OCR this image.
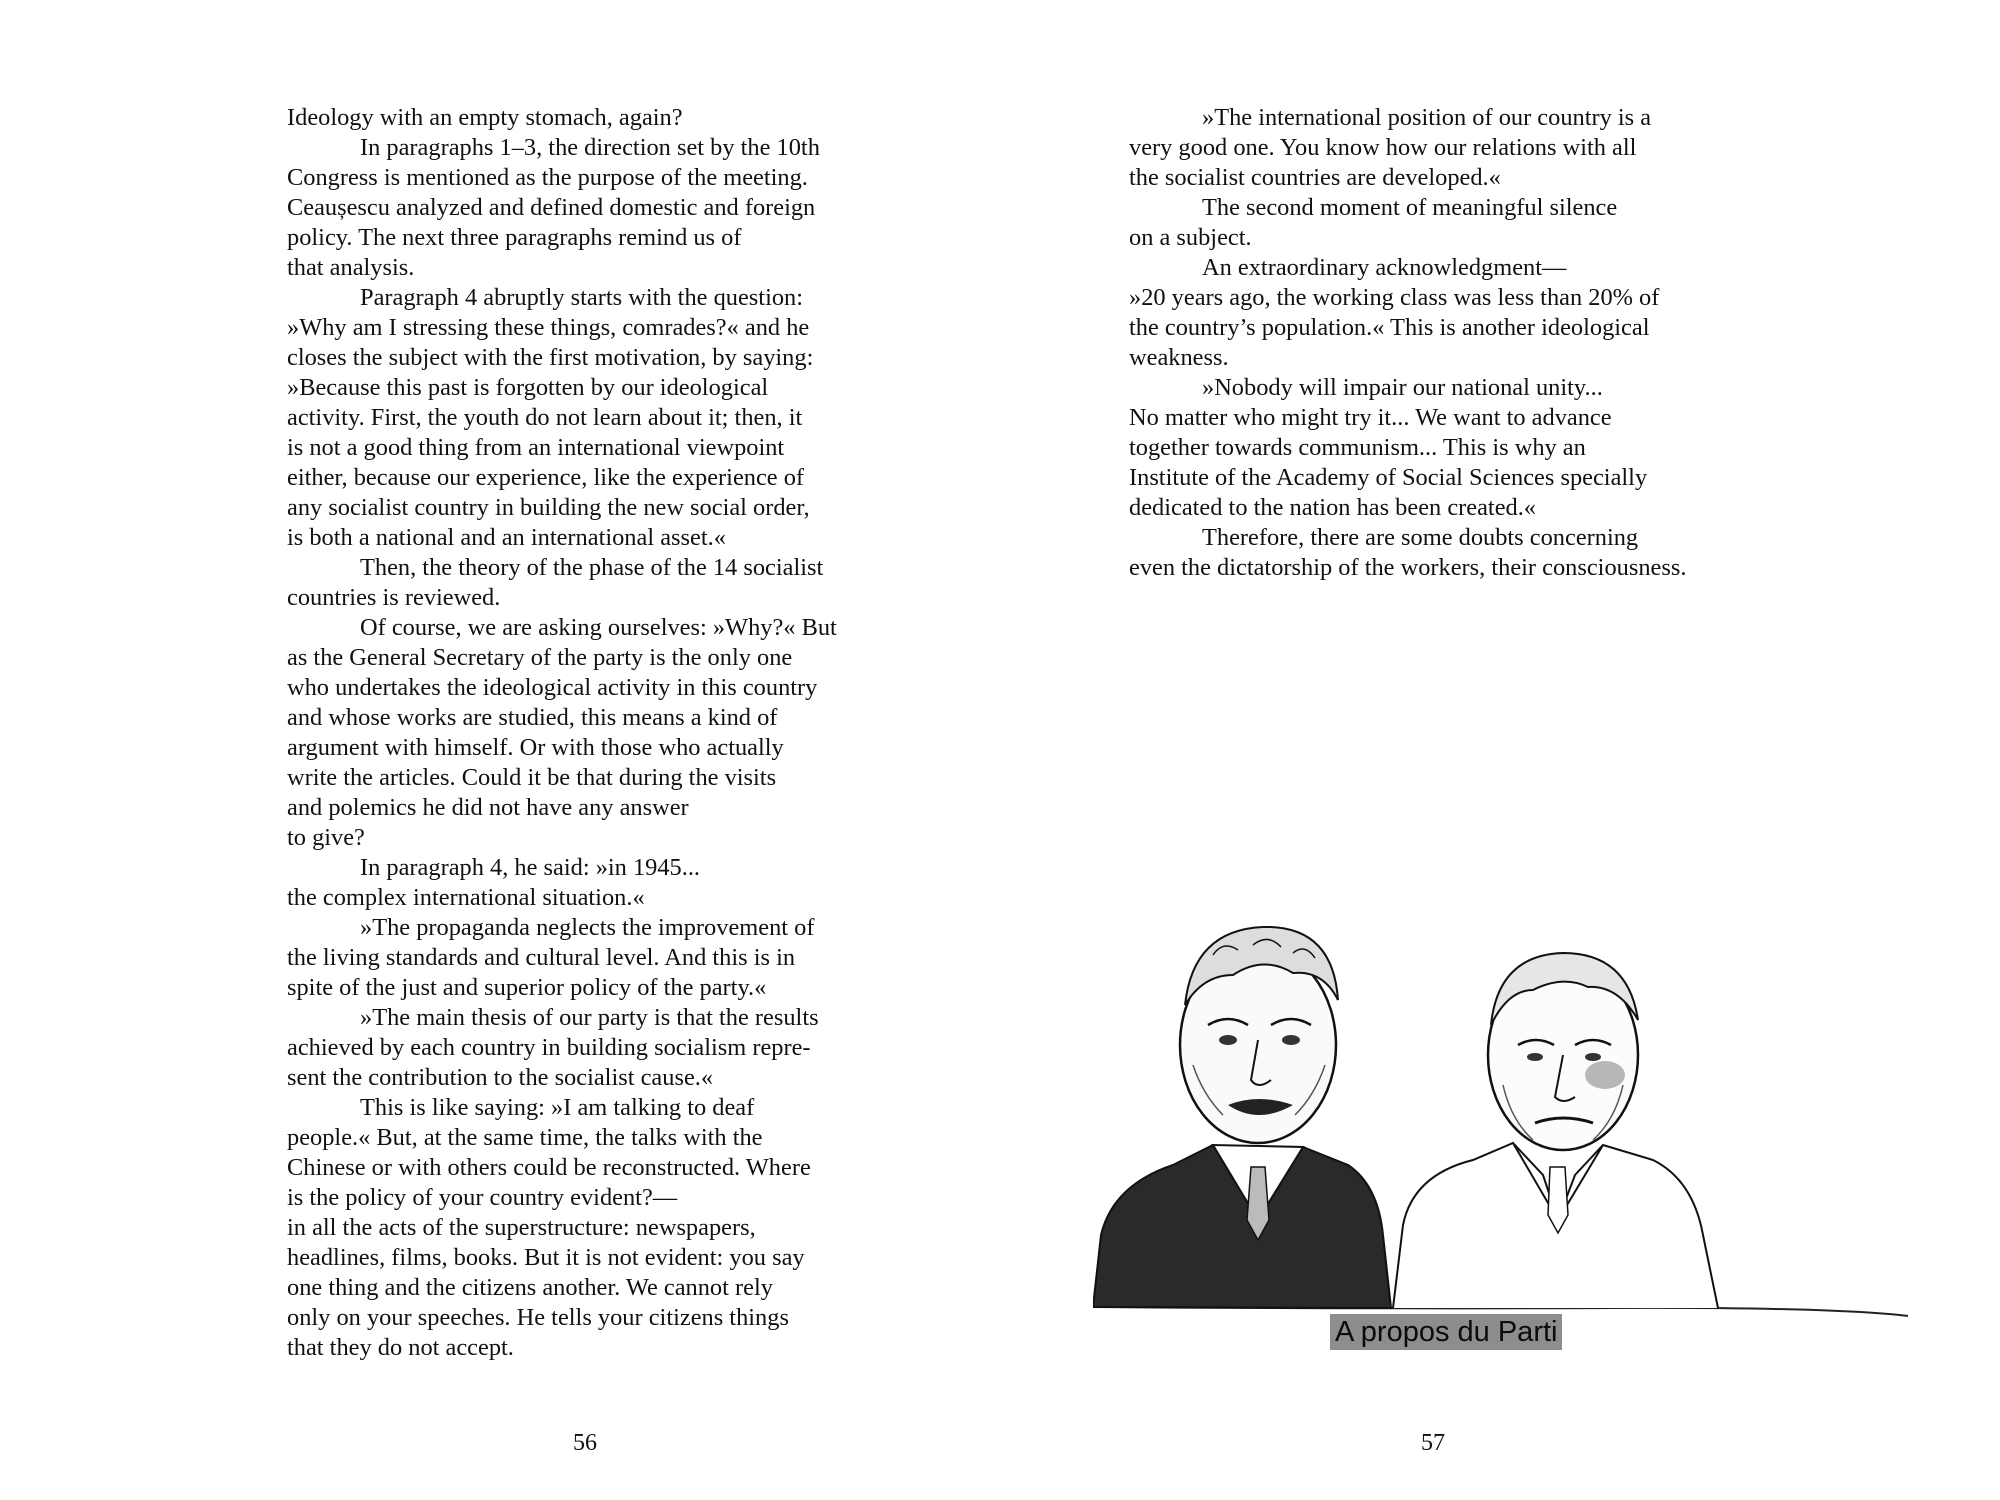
Ideology with an empty stomach, again?
In paragraphs 1–3, the direction set by the 10th
Congress is mentioned as the purpose of the meeting.
Ceaușescu analyzed and defined domestic and foreign
policy. The next three paragraphs remind us of
that analysis.
Paragraph 4 abruptly starts with the question:
»Why am I stressing these things, comrades?« and he
closes the subject with the first motivation, by saying:
»Because this past is forgotten by our ideological
activity. First, the youth do not learn about it; then, it
is not a good thing from an international viewpoint
either, because our experience, like the experience of
any socialist country in building the new social order,
is both a national and an international asset.«
Then, the theory of the phase of the 14 socialist
countries is reviewed.
Of course, we are asking ourselves: »Why?« But
as the General Secretary of the party is the only one
who undertakes the ideological activity in this country
and whose works are studied, this means a kind of
argument with himself. Or with those who actually
write the articles. Could it be that during the visits
and polemics he did not have any answer
to give?
In paragraph 4, he said: »in 1945...
the complex international situation.«
»The propaganda neglects the improvement of
the living standards and cultural level. And this is in
spite of the just and superior policy of the party.«
»The main thesis of our party is that the results
achieved by each country in building socialism repre-
sent the contribution to the socialist cause.«
This is like saying: »I am talking to deaf
people.« But, at the same time, the talks with the
Chinese or with others could be reconstructed. Where
is the policy of your country evident?—
in all the acts of the superstructure: newspapers,
headlines, films, books. But it is not evident: you say
one thing and the citizens another. We cannot rely
only on your speeches. He tells your citizens things
that they do not accept.
56
»The international position of our country is a
very good one. You know how our relations with all
the socialist countries are developed.«
The second moment of meaningful silence
on a subject.
An extraordinary acknowledgment—
»20 years ago, the working class was less than 20% of
the country’s population.« This is another ideological
weakness.
»Nobody will impair our national unity...
No matter who might try it... We want to advance
together towards communism... This is why an
Institute of the Academy of Social Sciences specially
dedicated to the nation has been created.«
Therefore, there are some doubts concerning
even the dictatorship of the workers, their consciousness.
A propos du Parti
57
